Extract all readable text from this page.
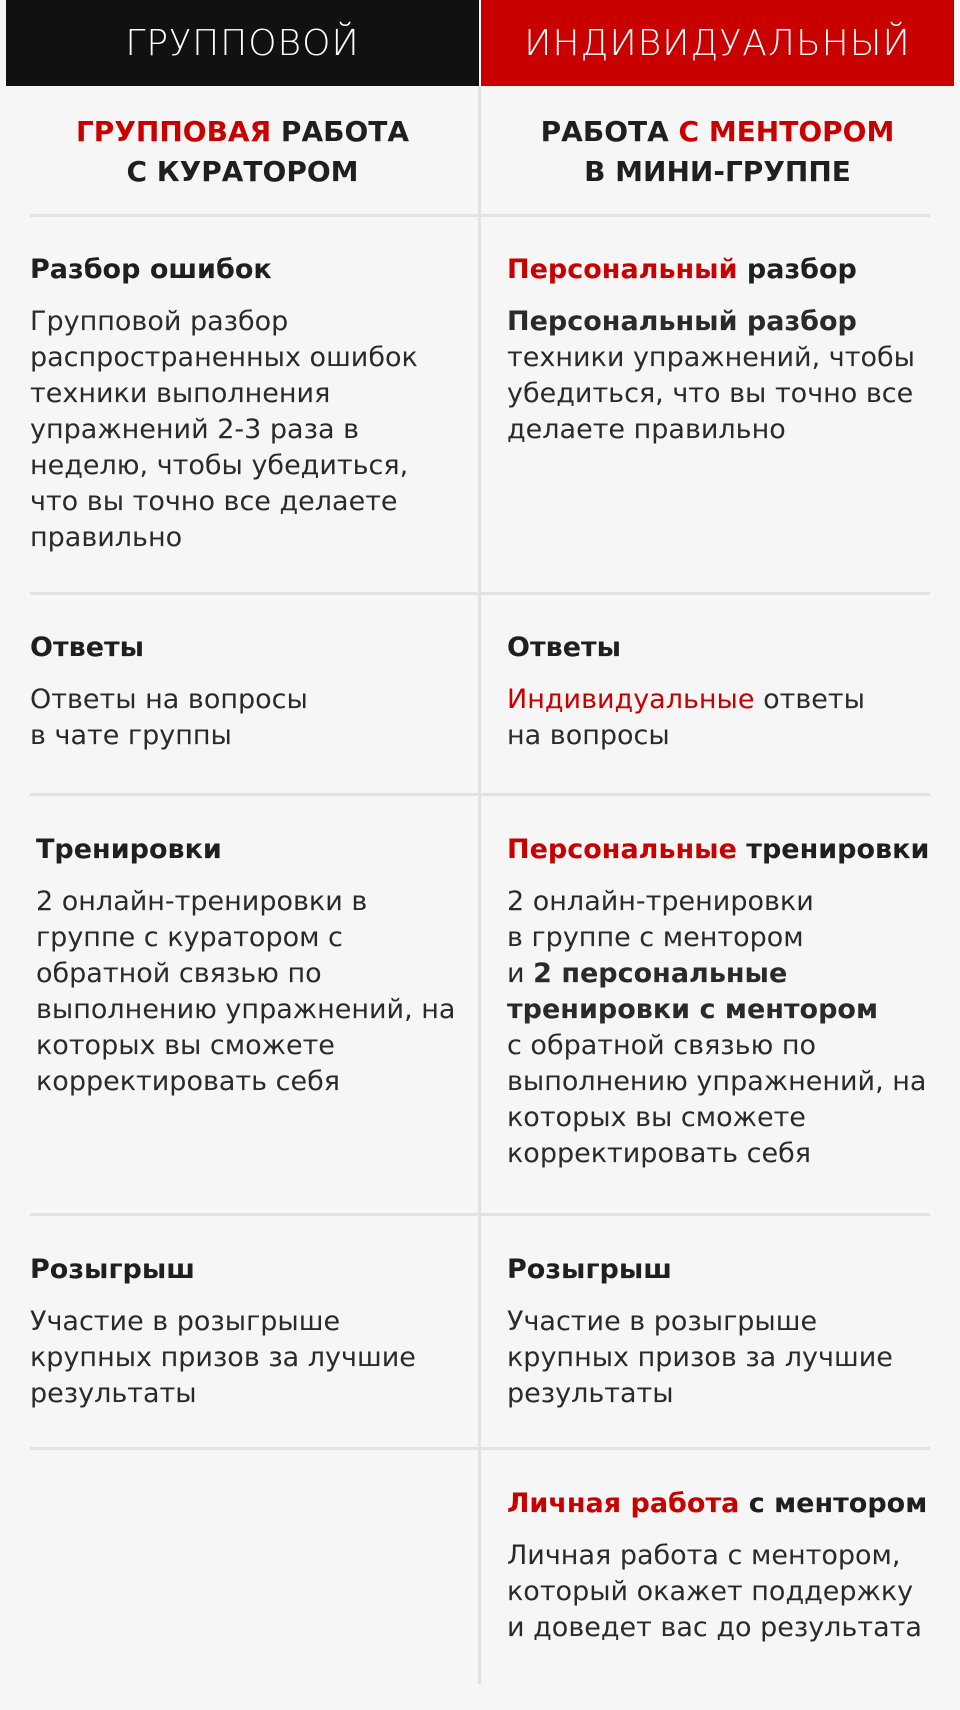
ГРУППОВОЙ	ИНДИВИДУАЛЬНЫЙ
ГРУППОВАЯ РАБОТА
С КУРАТОРОМ
РАБОТА С МЕНТОРОМ
В МИНИ-ГРУППЕ
Разбор ошибок
Групповой разбор распространенных ошибок техники выполнения упражнений 2-3 раза в неделю, чтобы убедиться, что вы точно все делаете правильно
Персональный разбор
Персональный разбор техники упражнений, чтобы убедиться, что вы точно все делаете правильно
Ответы
Ответы на вопросы
в чате группы
Ответы
Индивидуальные ответы
на вопросы
Тренировки
2 онлайн-тренировки в группе с куратором с обратной связью по выполнению упражнений, на которых вы сможете корректировать себя
Персональные тренировки
2 онлайн-тренировки
в группе с ментором
и 2 персональные
тренировки с ментором
с обратной связью по выполнению упражнений, на которых вы сможете корректировать себя
Розыгрыш
Участие в розыгрыше крупных призов за лучшие результаты
Розыгрыш
Участие в розыгрыше крупных призов за лучшие результаты
Личная работа с ментором
Личная работа с ментором, который окажет поддержку и доведет вас до результата
